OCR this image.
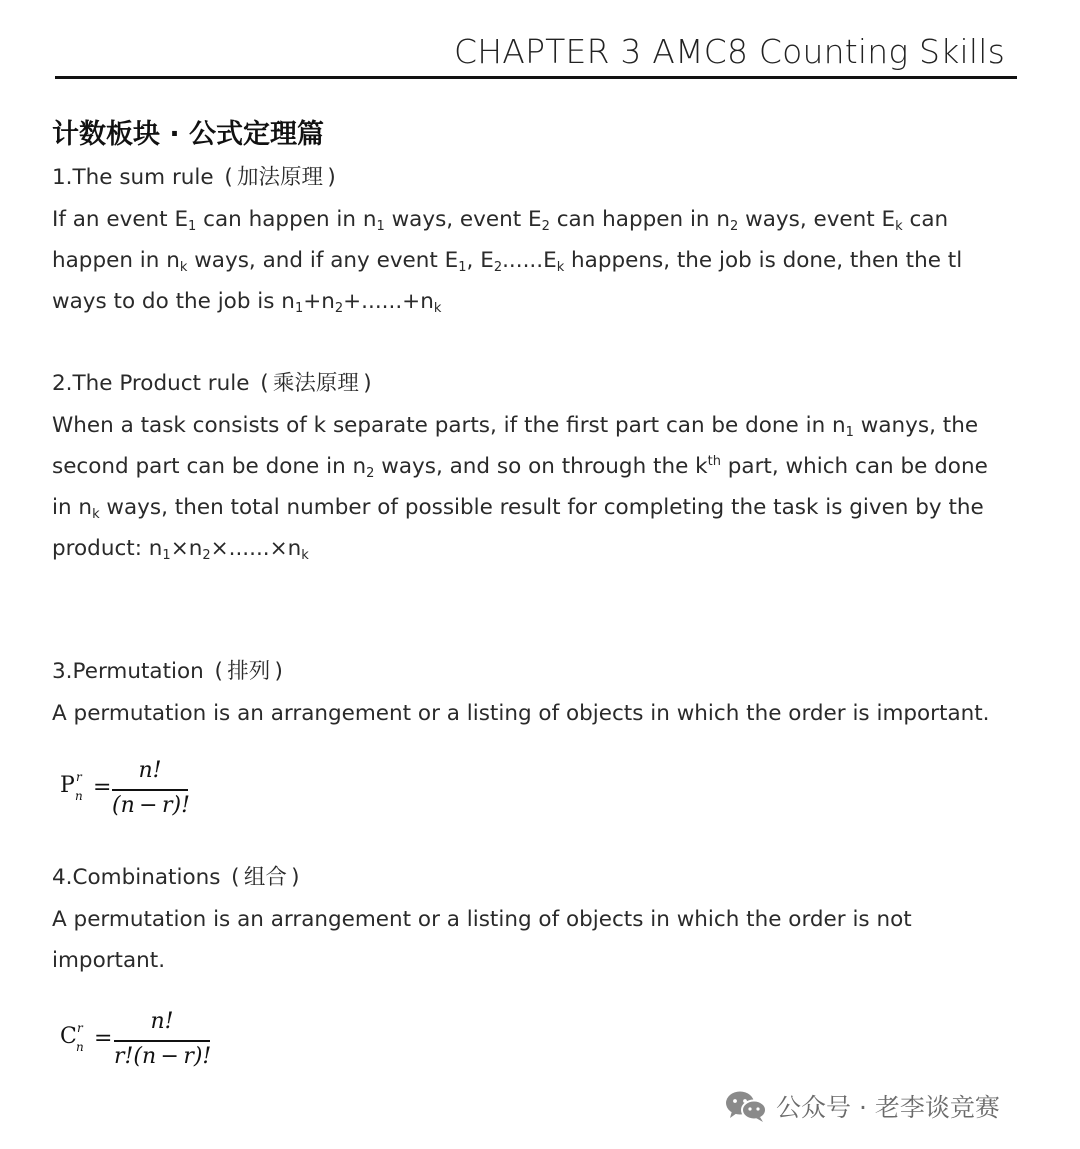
CHAPTER 3 AMC8 Counting Skills
计数板块 · 公式定理篇
1.The sum rule ( 加法原理 )
If an event $E_1$ can happen in $n_1$ ways, event $E_2$ can happen in $n_2$ ways, event $E_k$ can
happen in $n_k$ ways, and if any event $E_1$, $E_2......E_k$ happens, the job is done, then the tl
ways to do the job is $n_1+n_2+......+n_k$
2.The Product rule ( 乘法原理 )
When a task consists of k separate parts, if the first part can be done in $n_1$ wanys, the
second part can be done in $n_2$ ways, and so on through the $k^{th}$ part, which can be done
in $n_k$ ways, then total number of possible result for completing the task is given by the
product: $n_1\times n_2\times......\times n_k$
3.Permutation ( 排列 )
A permutation is an arrangement or a listing of objects in which the order is important.
P r
n =
n!
(n − r)!
4.Combinations ( 组合 )
A permutation is an arrangement or a listing of objects in which the order is not
important.
C r
n =
n!
r!(n − r)!
公众号 · 老李谈竞赛
